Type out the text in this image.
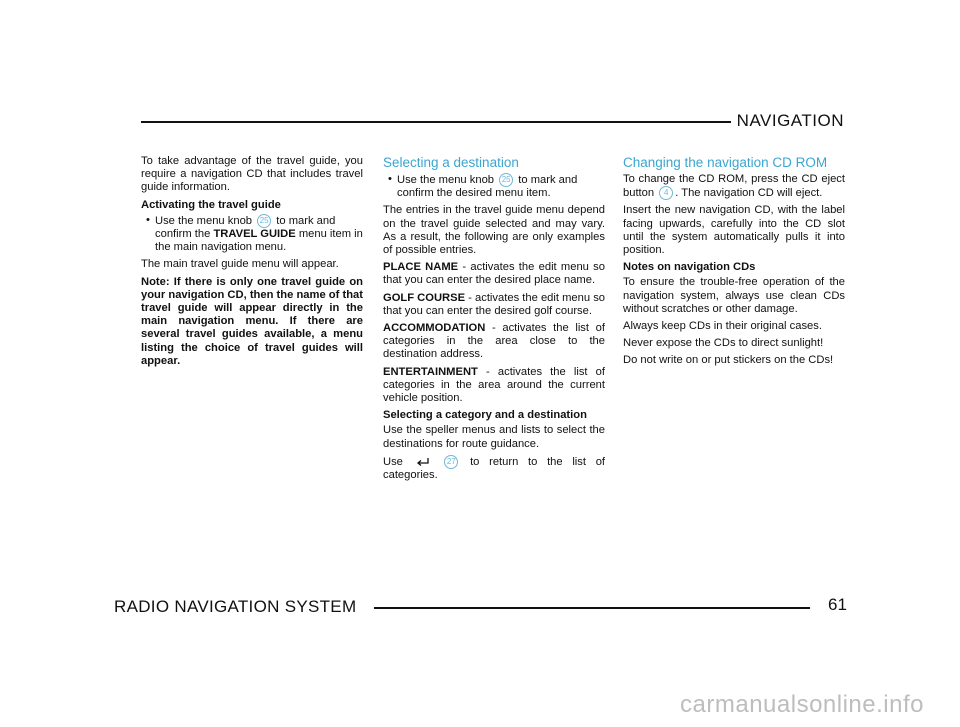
NAVIGATION

To take advantage of the travel guide, you require a navigation CD that includes travel guide information.

Activating the travel guide

• Use the menu knob 25 to mark and confirm the TRAVEL GUIDE menu item in the main navigation menu.

The main travel guide menu will appear.

Note: If there is only one travel guide on your navigation CD, then the name of that travel guide will appear directly in the main navigation menu. If there are several travel guides available, a menu listing the choice of travel guides will appear.

Selecting a destination

• Use the menu knob 25 to mark and confirm the desired menu item.

The entries in the travel guide menu depend on the travel guide selected and may vary. As a result, the following are only examples of possible entries.

PLACE NAME - activates the edit menu so that you can enter the desired place name.

GOLF COURSE - activates the edit menu so that you can enter the desired golf course.

ACCOMMODATION - activates the list of categories in the area close to the destination address.

ENTERTAINMENT - activates the list of categories in the area around the current vehicle position.

Selecting a category and a destination

Use the speller menus and lists to select the destinations for route guidance.

Use	27 to return to the list of categories.

Changing the navigation CD ROM

To change the CD ROM, press the CD eject button 4 . The navigation CD will eject.

Insert the new navigation CD, with the label facing upwards, carefully into the CD slot until the system automatically pulls it into position.

Notes on navigation CDs

To ensure the trouble-free operation of the navigation system, always use clean CDs without scratches or other damage.

Always keep CDs in their original cases.

Never expose the CDs to direct sunlight!

Do not write on or put stickers on the CDs!

RADIO NAVIGATION SYSTEM	61
carmanualsonline.info
